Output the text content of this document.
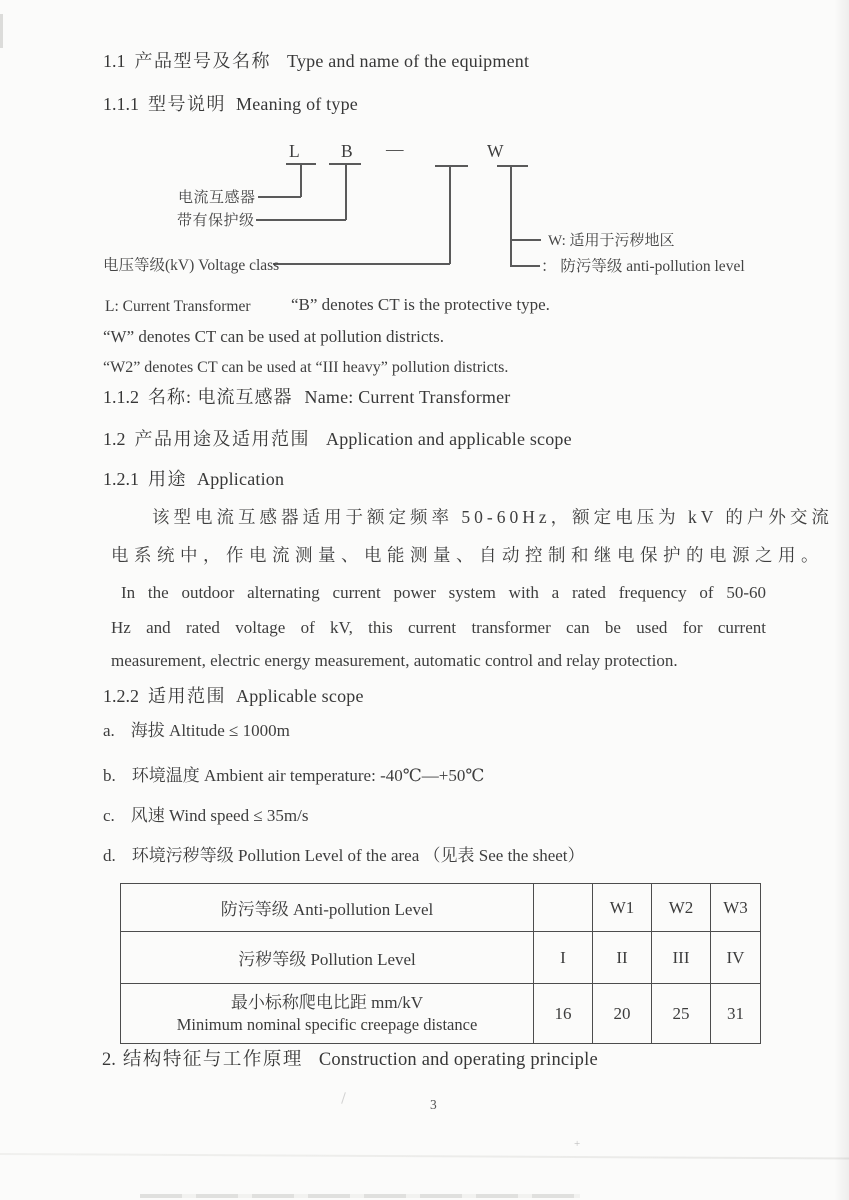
1.1 产品型号及名称 Type and name of the equipment
1.1.1 型号说明 Meaning of type
L B —	W
电流互感器
带有保护级
电压等级(kV) Voltage class
W: 适用于污秽地区
： 防污等级 anti-pollution level
L: Current Transformer “B” denotes CT is the protective type.
“W” denotes CT can be used at pollution districts.
“W2” denotes CT can be used at “III heavy” pollution districts.
1.1.2 名称: 电流互感器 Name: Current Transformer
1.2 产品用途及适用范围 Application and applicable scope
1.2.1 用途 Application
该型电流互感器适用于额定频率 50-60Hz，额定电压为 kV 的户外交流
电系统中，作电流测量、电能测量、自动控制和继电保护的电源之用。
In the outdoor alternating current power system with a rated frequency of 50-60
Hz and rated voltage of kV, this current transformer can be used for current
measurement, electric energy measurement, automatic control and relay protection.
1.2.2 适用范围 Applicable scope
a. 海拔 Altitude ≤ 1000m
b. 环境温度 Ambient air temperature: -40℃—+50℃
c. 风速 Wind speed ≤ 35m/s
d. 环境污秽等级 Pollution Level of the area （见表 See the sheet）
防污等级 Anti-pollution Level		W1	W2	W3
污秽等级 Pollution Level	I	II	III	IV

最小标称爬电比距 mm/kV
Minimum nominal specific creepage distance	16	20	25	31
2. 结构特征与工作原理 Construction and operating principle
3
+
